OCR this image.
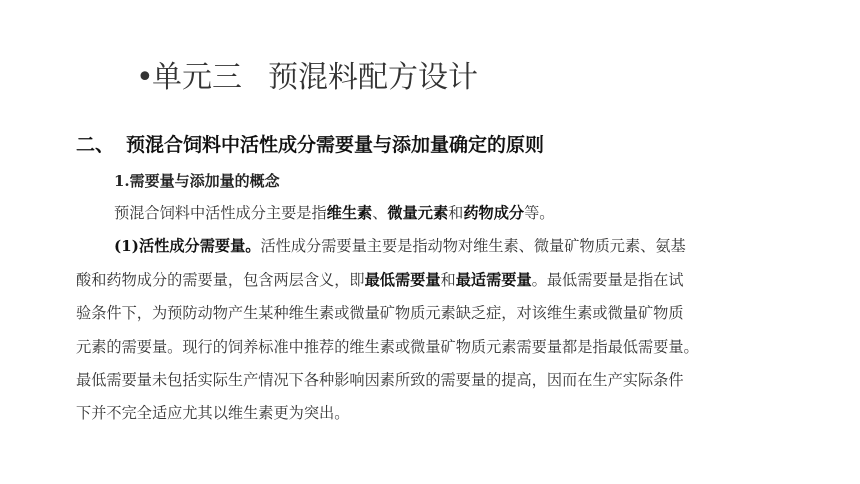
•单元三 预混料配方设计
二、 预混合饲料中活性成分需要量与添加量确定的原则
1.需要量与添加量的概念
预混合饲料中活性成分主要是指维生素、微量元素和药物成分等。
(1)活性成分需要量。活性成分需要量主要是指动物对维生素、微量矿物质元素、氨基
酸和药物成分的需要量，包含两层含义，即最低需要量和最适需要量。最低需要量是指在试
验条件下，为预防动物产生某种维生素或微量矿物质元素缺乏症，对该维生素或微量矿物质
元素的需要量。现行的饲养标准中推荐的维生素或微量矿物质元素需要量都是指最低需要量。
最低需要量未包括实际生产情况下各种影响因素所致的需要量的提高，因而在生产实际条件
下并不完全适应尤其以维生素更为突出。
